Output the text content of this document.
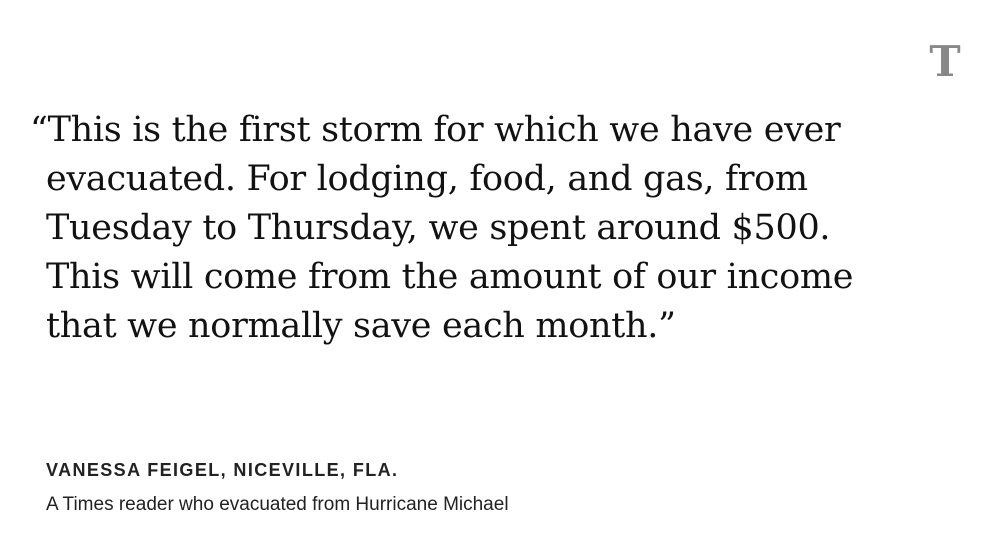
T
“This is the first storm for which we have ever
evacuated. For lodging, food, and gas, from
Tuesday to Thursday, we spent around $500.
This will come from the amount of our income
that we normally save each month.”
VANESSA FEIGEL, NICEVILLE, FLA.
A Times reader who evacuated from Hurricane Michael
